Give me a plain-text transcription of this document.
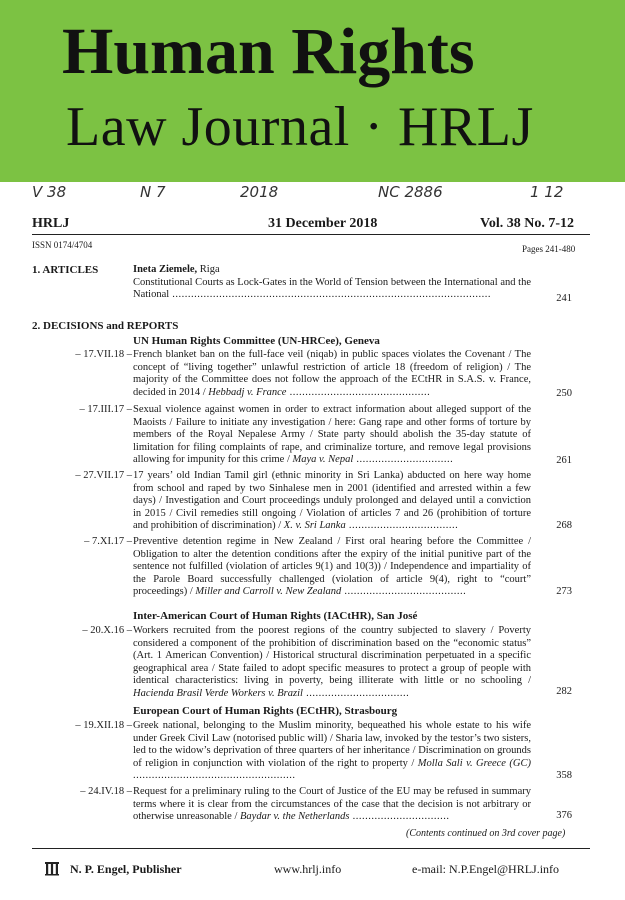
Human Rights
Law Journal · HRLJ
V 38	N 7	2018	NC 2886	1 12
HRLJ	31 December 2018	Vol. 38 No. 7-12
ISSN 0174/4704	Pages 241-480
1. ARTICLES	Ineta Ziemele, Riga
Constitutional Courts as Lock-Gates in the World of Tension between the International and the National ......................................................................................................	241
2. DECISIONS and REPORTS
UN Human Rights Committee (UN-HRCee), Geneva
– 17.VII.18 – French blanket ban on the full-face veil (niqab) in public spaces violates the Covenant / The concept of “living together” unlawful restriction of article 18 (freedom of religion) / The majority of the Committee does not follow the approach of the ECtHR in S.A.S. v. France, decided in 2014 / Hebbadj v. France .............................................	250
– 17.III.17 – Sexual violence against women in order to extract information about alleged support of the Maoists / Failure to initiate any investigation / here: Gang rape and other forms of torture by members of the Royal Nepalese Army / State party should abolish the 35-day statute of limitation for filing complaints of rape, and criminalize torture, and remove legal provisions allowing for impunity for this crime / Maya v. Nepal ...............................	261
– 27.VII.17 – 17 years’ old Indian Tamil girl (ethnic minority in Sri Lanka) abducted on here way home from school and raped by two Sinhalese men in 2001 (identified and arrested within a few days) / Investigation and Court proceedings unduly prolonged and delayed until a conviction in 2015 / Civil remedies still ongoing / Violation of articles 7 and 26 (prohibition of torture and prohibition of discrimination) / X. v. Sri Lanka ...................................	268
– 7.XI.17 – Preventive detention regime in New Zealand / First oral hearing before the Committee / Obligation to alter the detention conditions after the expiry of the initial punitive part of the sentence not fulfilled (violation of articles 9(1) and 10(3)) / Independence and impartiality of the Parole Board successfully challenged (violation of article 9(4), right to “court” proceedings) / Miller and Carroll v. New Zealand .......................................	273
Inter-American Court of Human Rights (IACtHR), San José
– 20.X.16 – Workers recruited from the poorest regions of the country subjected to slavery / Poverty considered a component of the prohibition of discrimination based on the “economic status” (Art. 1 American Convention) / Historical structural discrimination perpetuated in a specific geographical area / State failed to adopt specific measures to protect a group of people with identical characteristics: living in poverty, being illiterate with little or no schooling / Hacienda Brasil Verde Workers v. Brazil .................................	282
European Court of Human Rights (ECtHR), Strasbourg
– 19.XII.18 – Greek national, belonging to the Muslim minority, bequeathed his whole estate to his wife under Greek Civil Law (notorised public will) / Sharia law, invoked by the testor’s two sisters, led to the widow’s deprivation of three quarters of her inheritance / Discrimination on grounds of religion in conjunction with violation of the right to property / Molla Sali v. Greece (GC) ....................................................	358
– 24.IV.18 – Request for a preliminary ruling to the Court of Justice of the EU may be refused in summary terms where it is clear from the circumstances of the case that the decision is not arbitrary or otherwise unreasonable / Baydar v. the Netherlands ...............................	376
(Contents continued on 3rd cover page)
N. P. Engel, Publisher	www.hrlj.info	e-mail: N.P.Engel@HRLJ.info
